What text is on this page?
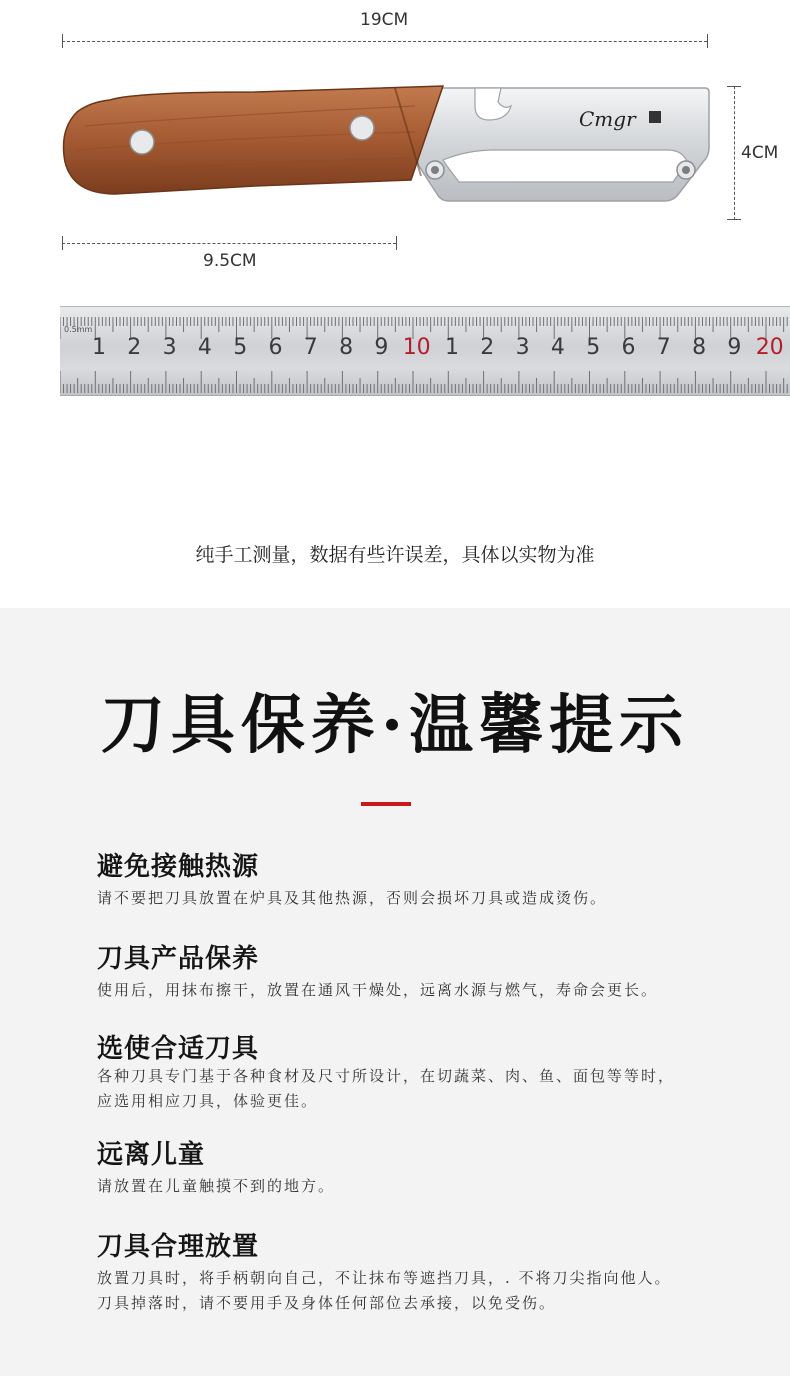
19CM
4CM
Cmgr
9.5CM
0.5mm
1 2 3 4 5 6 7 8 9 10 1 2 3 4 5 6 7 8 9 20
纯手工测量，数据有些许误差，具体以实物为准
刀具保养·温馨提示
避免接触热源
请不要把刀具放置在炉具及其他热源，否则会损坏刀具或造成烫伤。
刀具产品保养
使用后，用抹布擦干，放置在通风干燥处，远离水源与燃气，寿命会更长。
选使合适刀具
各种刀具专门基于各种食材及尺寸所设计，在切蔬菜、肉、鱼、面包等等时，
应选用相应刀具，体验更佳。
远离儿童
请放置在儿童触摸不到的地方。
刀具合理放置
放置刀具时，将手柄朝向自己，不让抹布等遮挡刀具，. 不将刀尖指向他人。
刀具掉落时，请不要用手及身体任何部位去承接，以免受伤。
